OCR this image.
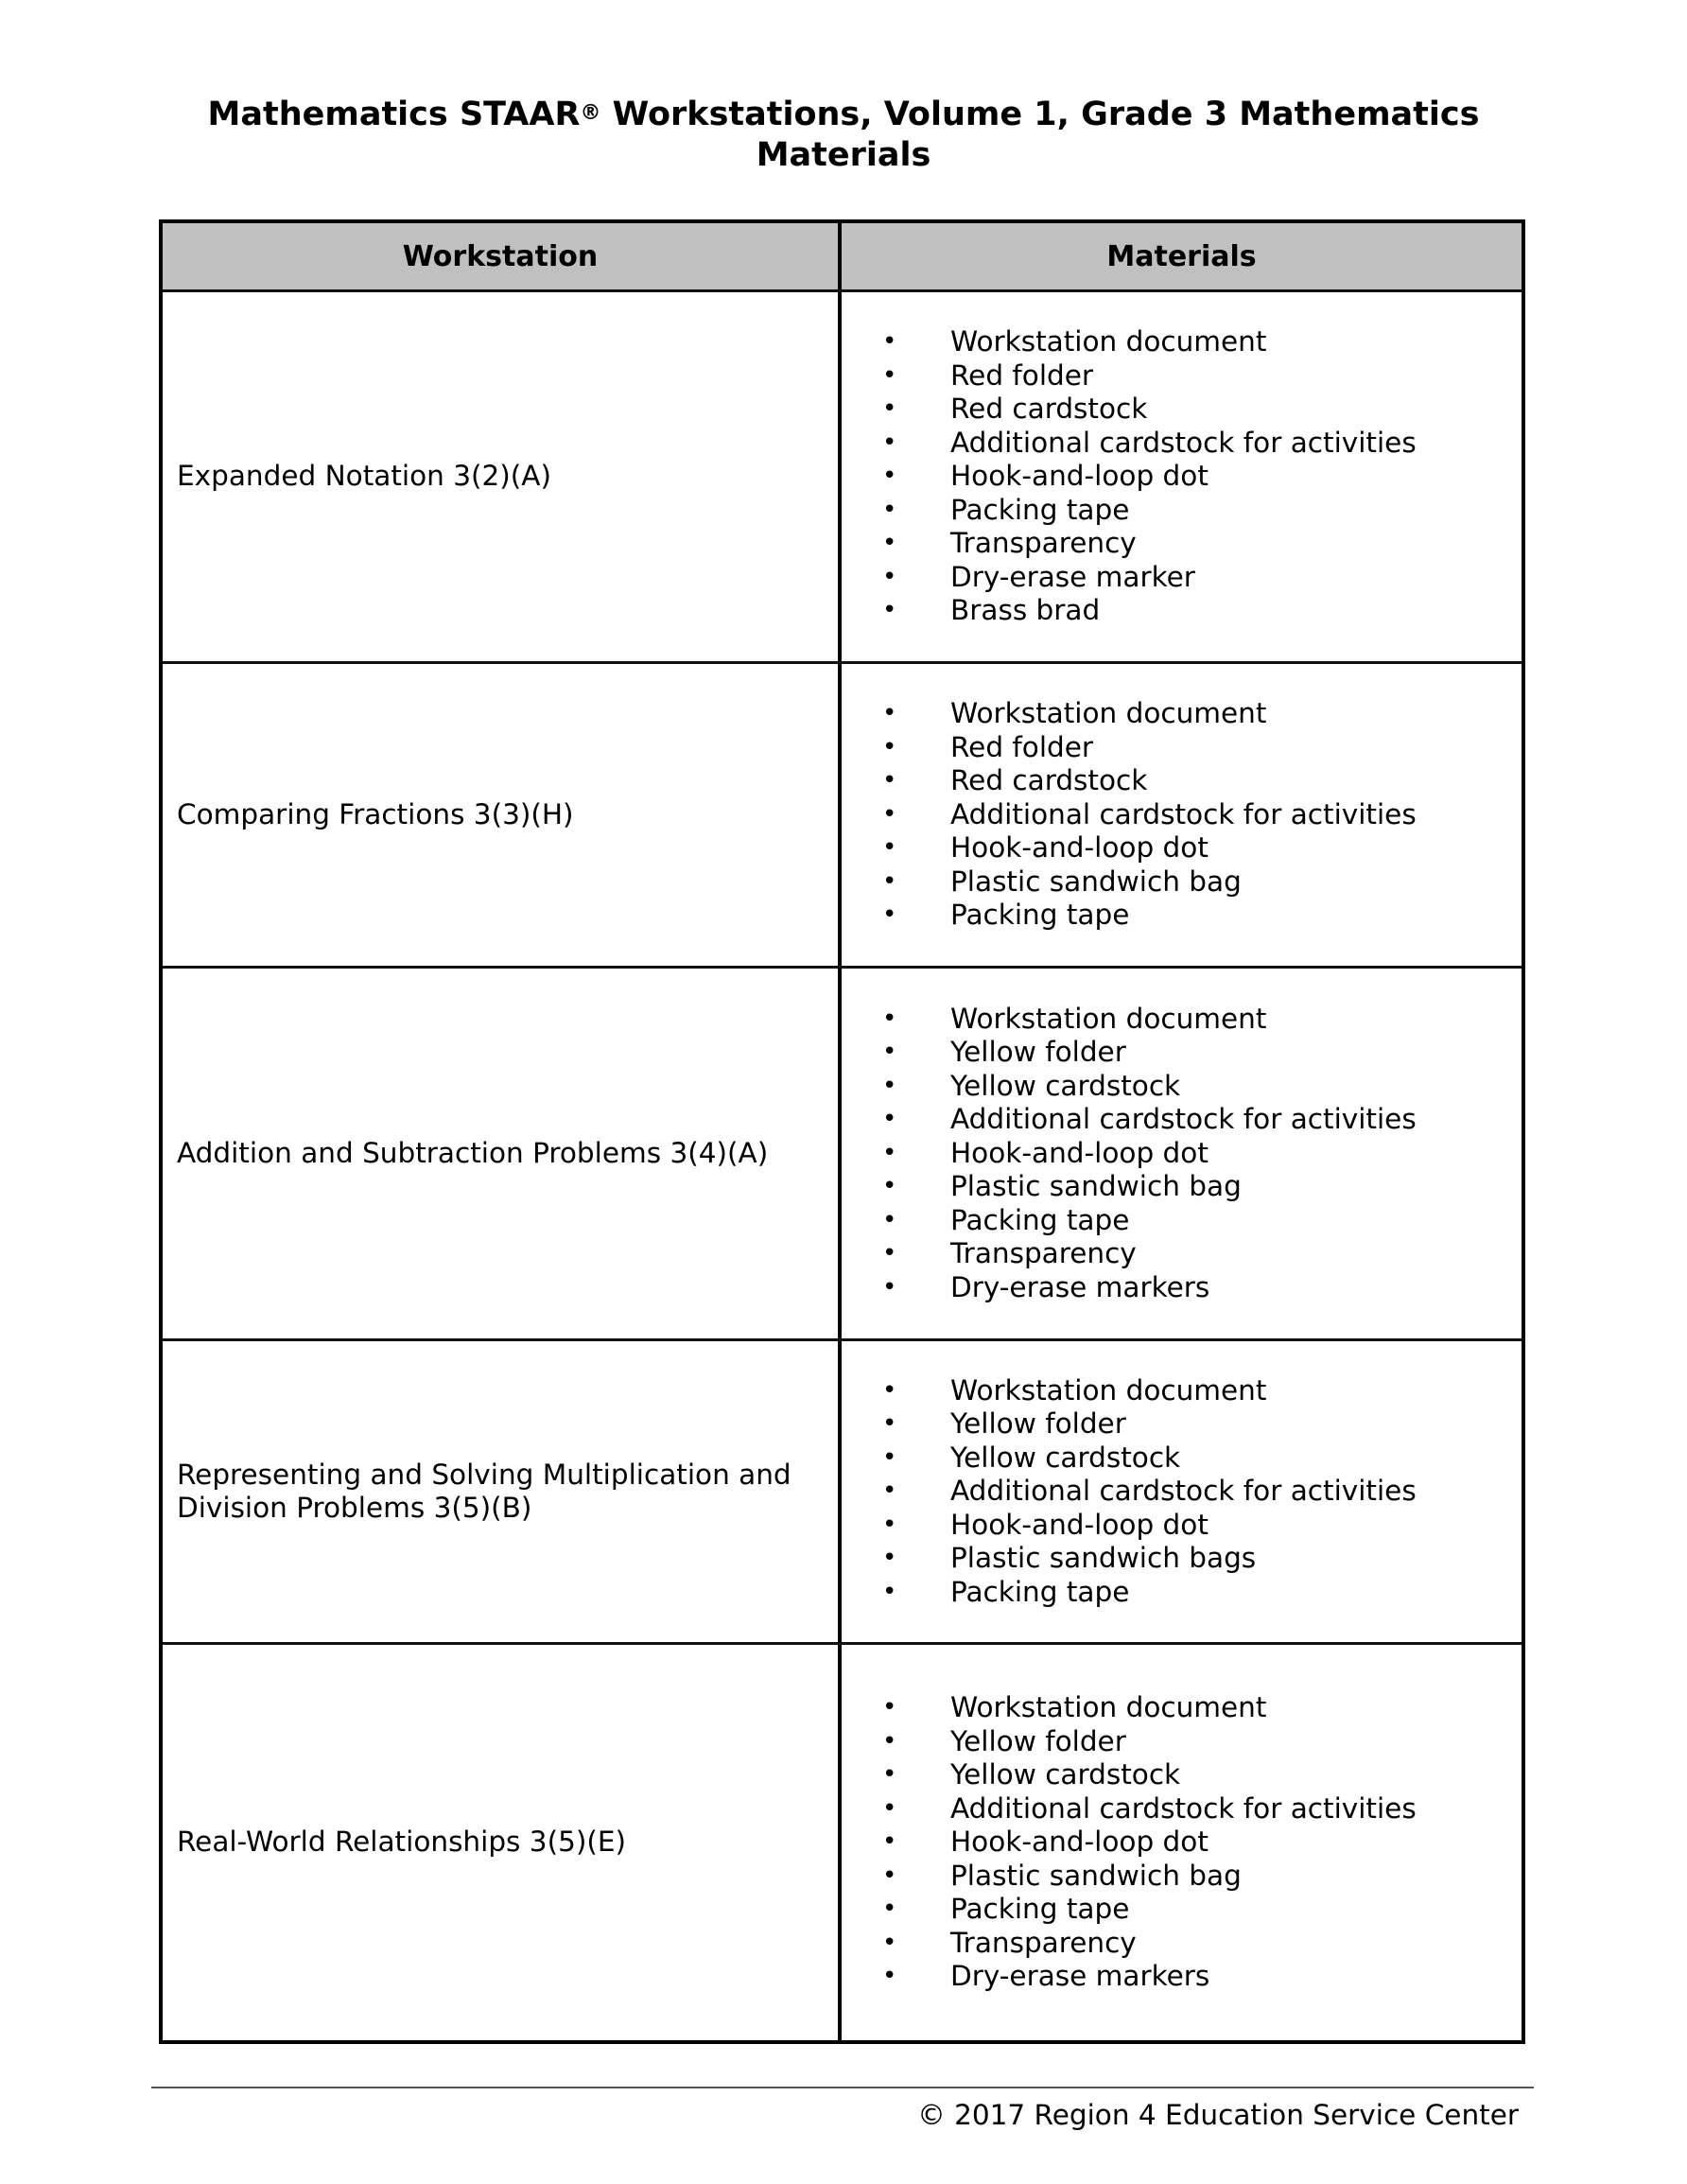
Mathematics STAAR® Workstations, Volume 1, Grade 3 Mathematics
Materials
Workstation	Materials
Expanded Notation 3(2)(A)
• Workstation document
• Red folder
• Red cardstock
• Additional cardstock for activities
• Hook-and-loop dot
• Packing tape
• Transparency
• Dry-erase marker
• Brass brad
Comparing Fractions 3(3)(H)
• Workstation document
• Red folder
• Red cardstock
• Additional cardstock for activities
• Hook-and-loop dot
• Plastic sandwich bag
• Packing tape
Addition and Subtraction Problems 3(4)(A)
• Workstation document
• Yellow folder
• Yellow cardstock
• Additional cardstock for activities
• Hook-and-loop dot
• Plastic sandwich bag
• Packing tape
• Transparency
• Dry-erase markers
Representing and Solving Multiplication and Division Problems 3(5)(B)
• Workstation document
• Yellow folder
• Yellow cardstock
• Additional cardstock for activities
• Hook-and-loop dot
• Plastic sandwich bags
• Packing tape
Real-World Relationships 3(5)(E)
• Workstation document
• Yellow folder
• Yellow cardstock
• Additional cardstock for activities
• Hook-and-loop dot
• Plastic sandwich bag
• Packing tape
• Transparency
• Dry-erase markers
© 2017 Region 4 Education Service Center
